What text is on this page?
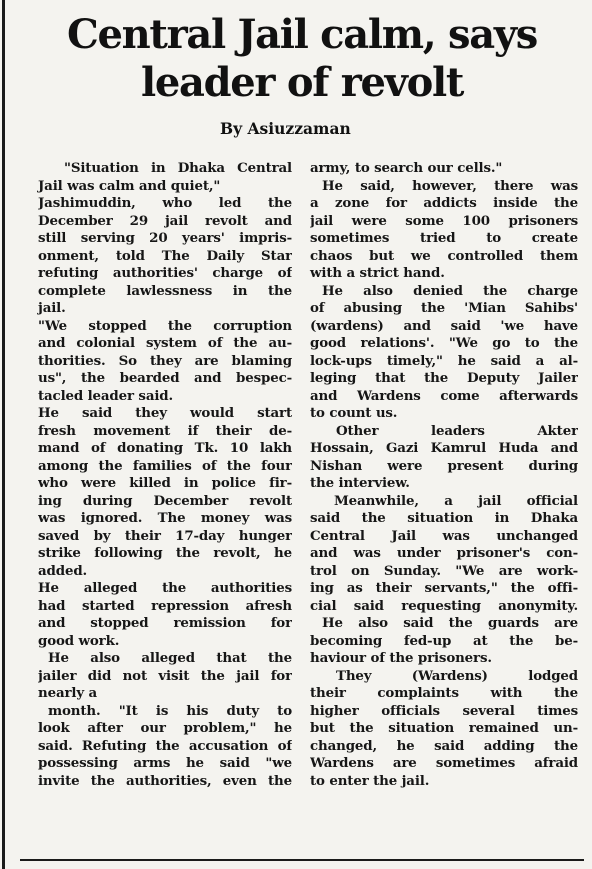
Central Jail calm, says
leader of revolt
By Asiuzzaman
"Situation in Dhaka Central
Jail was calm and quiet,"
Jashimuddin, who led the
December 29 jail revolt and
still serving 20 years' impris-
onment, told The Daily Star
refuting authorities' charge of
complete lawlessness in the
jail.
"We stopped the corruption
and colonial system of the au-
thorities. So they are blaming
us", the bearded and bespec-
tacled leader said.
He said they would start
fresh movement if their de-
mand of donating Tk. 10 lakh
among the families of the four
who were killed in police fir-
ing during December revolt
was ignored. The money was
saved by their 17-day hunger
strike following the revolt, he
added.
He alleged the authorities
had started repression afresh
and stopped remission for
good work.
He also alleged that the
jailer did not visit the jail for
nearly a
month. "It is his duty to
look after our problem," he
said. Refuting the accusation of
possessing arms he said "we
invite the authorities, even the
army, to search our cells."
He said, however, there was
a zone for addicts inside the
jail were some 100 prisoners
sometimes tried to create
chaos but we controlled them
with a strict hand.
He also denied the charge
of abusing the 'Mian Sahibs'
(wardens) and said 'we have
good relations'. "We go to the
lock-ups timely," he said a al-
leging that the Deputy Jailer
and Wardens come afterwards
to count us.
Other leaders Akter
Hossain, Gazi Kamrul Huda and
Nishan were present during
the interview.
Meanwhile, a jail official
said the situation in Dhaka
Central Jail was unchanged
and was under prisoner's con-
trol on Sunday. "We are work-
ing as their servants," the offi-
cial said requesting anonymity.
He also said the guards are
becoming fed-up at the be-
haviour of the prisoners.
They (Wardens) lodged
their complaints with the
higher officials several times
but the situation remained un-
changed, he said adding the
Wardens are sometimes afraid
to enter the jail.
